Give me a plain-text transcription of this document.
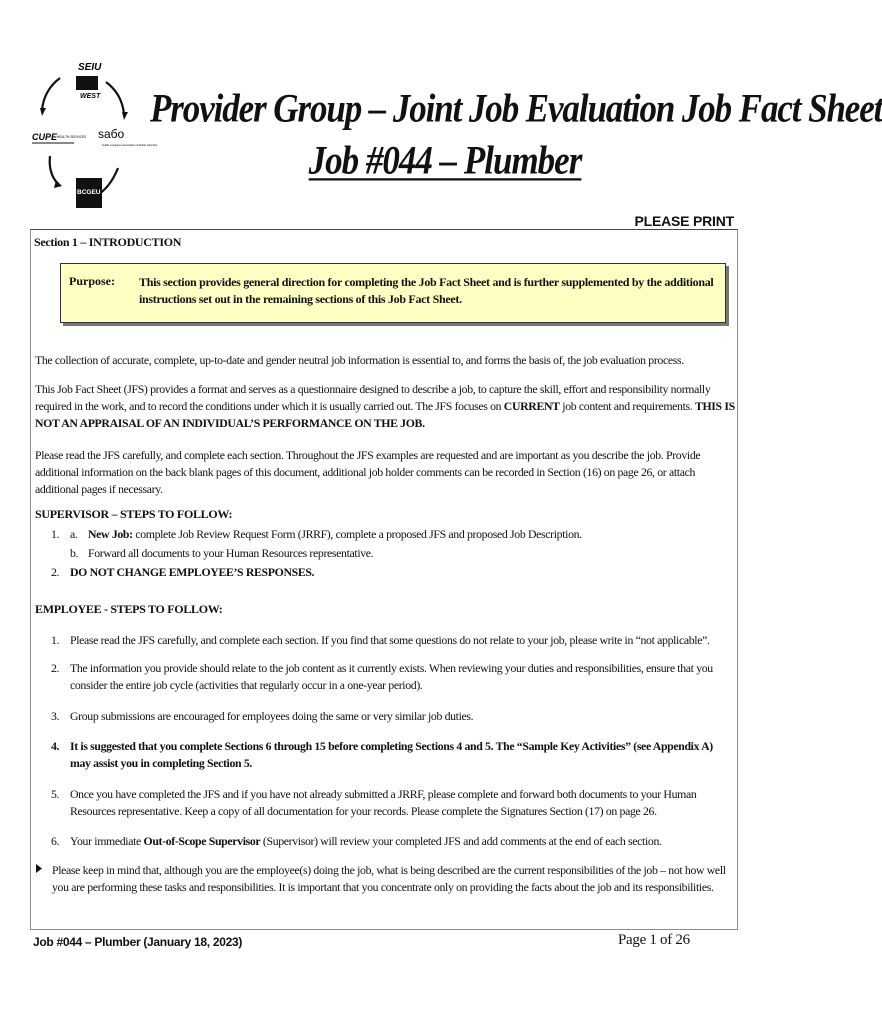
SEIU
WEST
CUPE HEALTH SERVICES saбo
health employers association of british columbia
BCGEU
Provider Group – Joint Job Evaluation Job Fact Sheet
Job #044 – Plumber
PLEASE PRINT
Section 1 – INTRODUCTION
Purpose: This section provides general direction for completing the Job Fact Sheet and is further supplemented by the additional instructions set out in the remaining sections of this Job Fact Sheet.
The collection of accurate, complete, up-to-date and gender neutral job information is essential to, and forms the basis of, the job evaluation process.
This Job Fact Sheet (JFS) provides a format and serves as a questionnaire designed to describe a job, to capture the skill, effort and responsibility normally required in the work, and to record the conditions under which it is usually carried out. The JFS focuses on CURRENT job content and requirements. THIS IS NOT AN APPRAISAL OF AN INDIVIDUAL’S PERFORMANCE ON THE JOB.
Please read the JFS carefully, and complete each section. Throughout the JFS examples are requested and are important as you describe the job. Provide additional information on the back blank pages of this document, additional job holder comments can be recorded in Section (16) on page 26, or attach additional pages if necessary.
SUPERVISOR – STEPS TO FOLLOW:
1. a. New Job: complete Job Review Request Form (JRRF), complete a proposed JFS and proposed Job Description.
b. Forward all documents to your Human Resources representative.
2. DO NOT CHANGE EMPLOYEE’S RESPONSES.
EMPLOYEE - STEPS TO FOLLOW:
1. Please read the JFS carefully, and complete each section. If you find that some questions do not relate to your job, please write in “not applicable”.
2. The information you provide should relate to the job content as it currently exists. When reviewing your duties and responsibilities, ensure that you consider the entire job cycle (activities that regularly occur in a one-year period).
3. Group submissions are encouraged for employees doing the same or very similar job duties.
4. It is suggested that you complete Sections 6 through 15 before completing Sections 4 and 5. The “Sample Key Activities” (see Appendix A) may assist you in completing Section 5.
5. Once you have completed the JFS and if you have not already submitted a JRRF, please complete and forward both documents to your Human Resources representative. Keep a copy of all documentation for your records. Please complete the Signatures Section (17) on page 26.
6. Your immediate Out-of-Scope Supervisor (Supervisor) will review your completed JFS and add comments at the end of each section.
Please keep in mind that, although you are the employee(s) doing the job, what is being described are the current responsibilities of the job – not how well you are performing these tasks and responsibilities. It is important that you concentrate only on providing the facts about the job and its responsibilities.
Job #044 – Plumber (January 18, 2023)	Page 1 of 26
